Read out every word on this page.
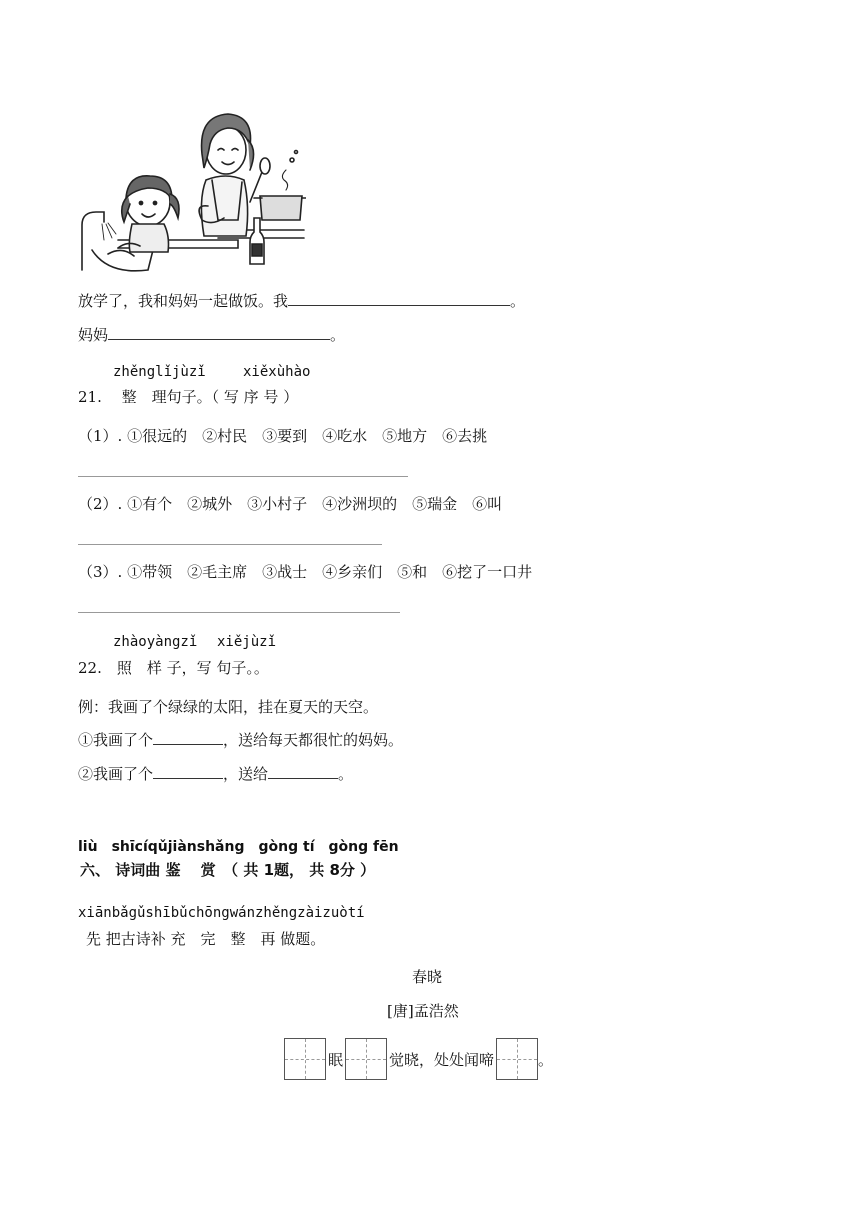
放学了，我和妈妈一起做饭。我	。
妈妈	。
zhěnglǐjùzǐ	xiěxùhào
21.　 整　理句子。（ 写 序 号 ）
（1）. ①很远的　②村民　③要到　④吃水　⑤地方　⑥去挑
（2）. ①有个　②城外　③小村子　④沙洲坝的　⑤瑞金　⑥叫
（3）. ①带领　②毛主席　③战士　④乡亲们　⑤和　⑥挖了一口井
zhàoyàngzǐ xiějùzǐ
22.　照　样 子，写 句子。。
例：我画了个绿绿的太阳，挂在夏天的天空。
①我画了个	，送给每天都很忙的妈妈。
②我画了个	，送给	。
liù　shīcíqǔjiànshǎng　gòng tí　gòng fēn
六、 诗词曲 鉴　 赏　（ 共 1题， 共 8分 ）
xiānbǎgǔshībǔchōngwánzhěngzàizuòtí
先 把古诗补 充　完　整　再 做题。
春晓
[唐]孟浩然
眠	觉晓，处处闻啼	。
